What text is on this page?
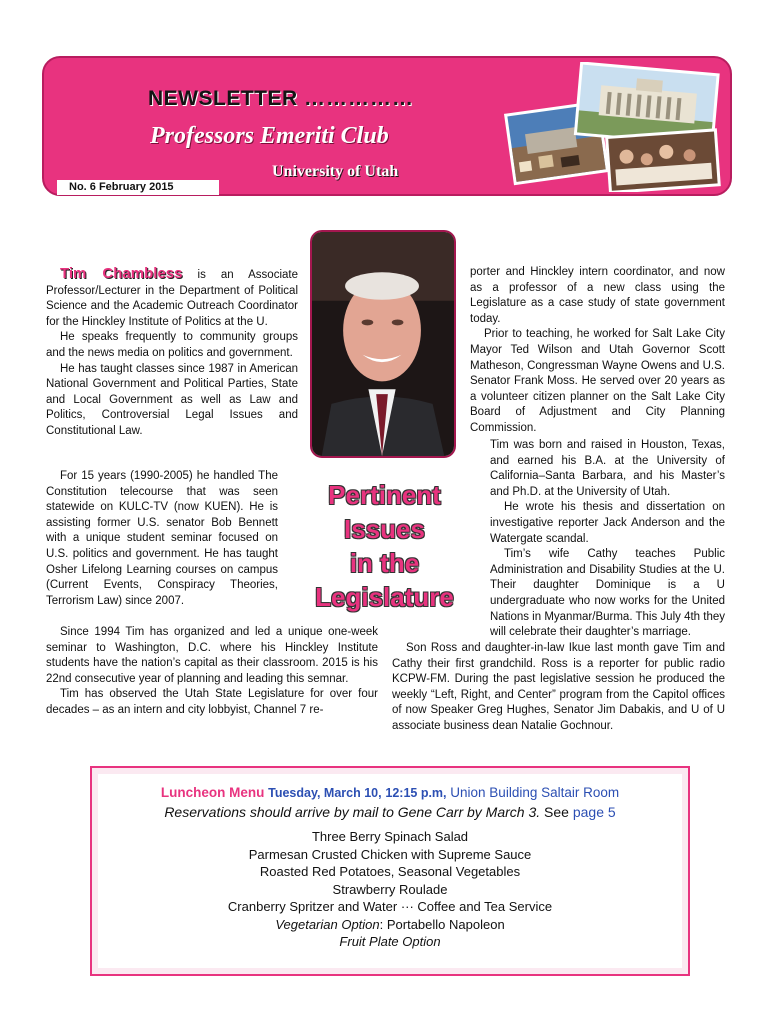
NEWSLETTER ……………
Professors Emeriti Club
University of Utah
No. 6 February 2015

Tim Chambless is an Associate Professor/Lecturer in the Department of Political Science and the Academic Outreach Coordinator for the Hinckley Institute of Politics at the U.

He speaks frequently to community groups and the news media on politics and government.

He has taught classes since 1987 in American National Government and Political Parties, State and Local Government as well as Law and Politics, Controversial Legal Issues and Constitutional Law.

For 15 years (1990-2005) he handled The Constitution telecourse that was seen statewide on KULC-TV (now KUEN). He is assisting former U.S. senator Bob Bennett with a unique student seminar focused on U.S. politics and government. He has taught Osher Lifelong Learning courses on campus (Current Events, Conspiracy Theories, Terrorism Law) since 2007.

Since 1994 Tim has organized and led a unique one-week seminar to Washington, D.C. where his Hinckley Institute students have the nation’s capital as their classroom. 2015 is his 22nd consecutive year of planning and leading this semnar.

Tim has observed the Utah State Legislature for over four decades – as an intern and city lobbyist, Channel 7 re-

Pertinent
Issues
in the
Legislature

porter and Hinckley intern coordinator, and now as a professor of a new class using the Legislature as a case study of state government today.

Prior to teaching, he worked for Salt Lake City Mayor Ted Wilson and Utah Governor Scott Matheson, Congressman Wayne Owens and U.S. Senator Frank Moss. He served over 20 years as a volunteer citizen planner on the Salt Lake City Board of Adjustment and City Planning Commission.

Tim was born and raised in Houston, Texas, and earned his B.A. at the University of California–Santa Barbara, and his Master’s and Ph.D. at the University of Utah.

He wrote his thesis and dissertation on investigative reporter Jack Anderson and the Watergate scandal.

Tim’s wife Cathy teaches Public Administration and Disability Studies at the U. Their daughter Dominique is a U undergraduate who now works for the United Nations in Myanmar/Burma. This July 4th they will celebrate their daughter’s marriage.

Son Ross and daughter-in-law Ikue last month gave Tim and Cathy their first grandchild. Ross is a reporter for public radio KCPW-FM. During the past legislative session he produced the weekly “Left, Right, and Center” program from the Capitol offices of now Speaker Greg Hughes, Senator Jim Dabakis, and U of U associate business dean Natalie Gochnour.

Luncheon Menu Tuesday, March 10, 12:15 p.m, Union Building Saltair Room
Reservations should arrive by mail to Gene Carr by March 3. See page 5
Three Berry Spinach Salad
Parmesan Crusted Chicken with Supreme Sauce
Roasted Red Potatoes, Seasonal Vegetables
Strawberry Roulade
Cranberry Spritzer and Water ··· Coffee and Tea Service
Vegetarian Option: Portabello Napoleon
Fruit Plate Option
